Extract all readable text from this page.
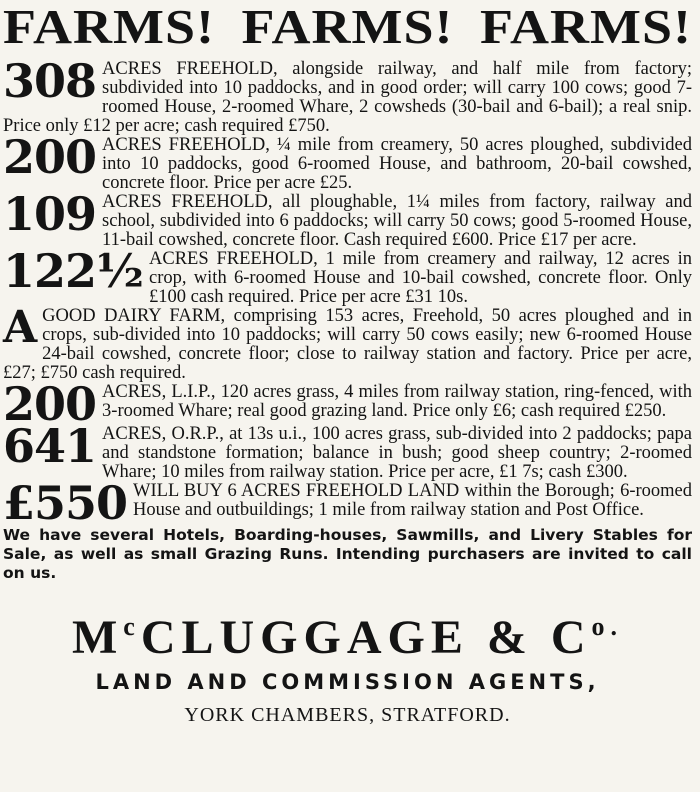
FARMS! FARMS! FARMS!
308 ACRES FREEHOLD, alongside railway, and half mile from factory; subdivided into 10 paddocks, and in good order; will carry 100 cows; good 7-roomed House, 2-roomed Whare, 2 cowsheds (30-bail and 6-bail); a real snip. Price only £12 per acre; cash required £750.
200 ACRES FREEHOLD, ¼ mile from creamery, 50 acres ploughed, subdivided into 10 paddocks, good 6-roomed House, and bathroom, 20-bail cowshed, concrete floor. Price per acre £25.
109 ACRES FREEHOLD, all ploughable, 1¼ miles from factory, railway and school, subdivided into 6 paddocks; will carry 50 cows; good 5-roomed House, 11-bail cowshed, concrete floor. Cash required £600. Price £17 per acre.
122½ ACRES FREEHOLD, 1 mile from creamery and railway, 12 acres in crop, with 6-roomed House and 10-bail cowshed, concrete floor. Only £100 cash required. Price per acre £31 10s.
A GOOD DAIRY FARM, comprising 153 acres, Freehold, 50 acres ploughed and in crops, sub-divided into 10 paddocks; will carry 50 cows easily; new 6-roomed House 24-bail cowshed, concrete floor; close to railway station and factory. Price per acre, £27; £750 cash required.
200 ACRES, L.I.P., 120 acres grass, 4 miles from railway station, ring-fenced, with 3-roomed Whare; real good grazing land. Price only £6; cash required £250.
641 ACRES, O.R.P., at 13s u.i., 100 acres grass, sub-divided into 2 paddocks; papa and standstone formation; balance in bush; good sheep country; 2-roomed Whare; 10 miles from railway station. Price per acre, £1 7s; cash £300.
£550 WILL BUY 6 ACRES FREEHOLD LAND within the Borough; 6-roomed House and outbuildings; 1 mile from railway station and Post Office.
We have several Hotels, Boarding-houses, Sawmills, and Livery Stables for Sale, as well as small Grazing Runs. Intending purchasers are invited to call on us.
$M^cCLUGGAGE$ & $C^{o.}$
LAND AND COMMISSION AGENTS,
YORK CHAMBERS, STRATFORD.
